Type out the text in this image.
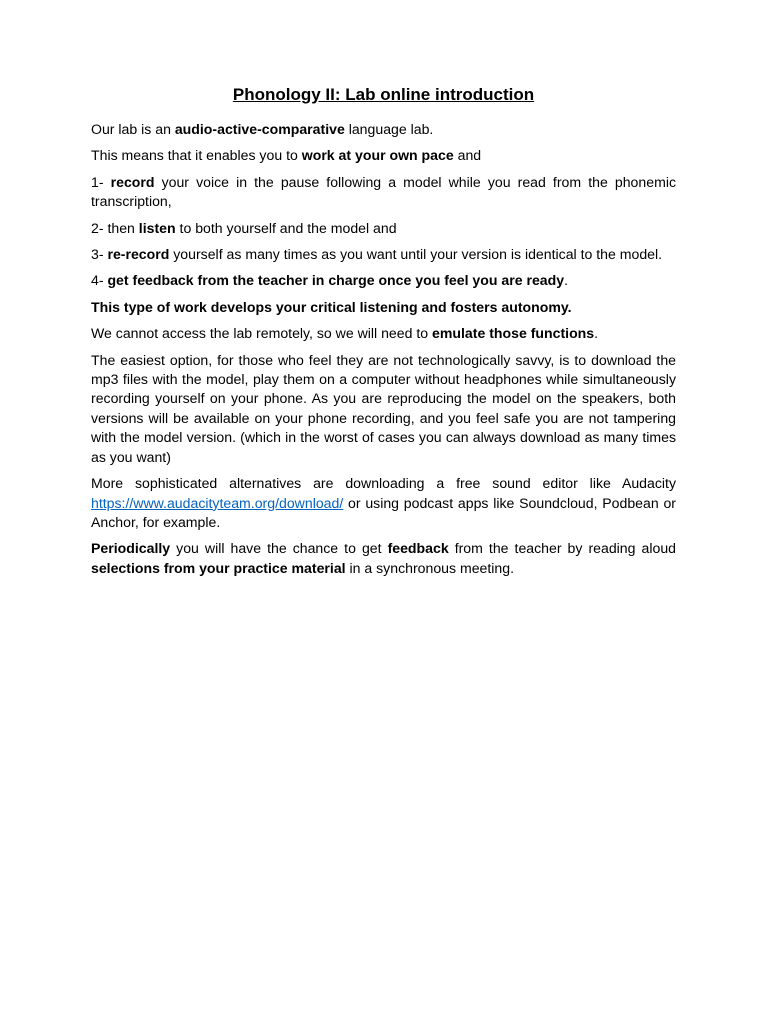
Phonology II: Lab online introduction

Our lab is an audio-active-comparative language lab.

This means that it enables you to work at your own pace and

1- record your voice in the pause following a model while you read from the phonemic transcription,

2- then listen to both yourself and the model and

3- re-record yourself as many times as you want until your version is identical to the model.

4- get feedback from the teacher in charge once you feel you are ready.

This type of work develops your critical listening and fosters autonomy.

We cannot access the lab remotely, so we will need to emulate those functions.

The easiest option, for those who feel they are not technologically savvy, is to download the mp3 files with the model, play them on a computer without headphones while simultaneously recording yourself on your phone. As you are reproducing the model on the speakers, both versions will be available on your phone recording, and you feel safe you are not tampering with the model version. (which in the worst of cases you can always download as many times as you want)

More sophisticated alternatives are downloading a free sound editor like Audacity https://www.audacityteam.org/download/ or using podcast apps like Soundcloud, Podbean or Anchor, for example.

Periodically you will have the chance to get feedback from the teacher by reading aloud selections from your practice material in a synchronous meeting.
